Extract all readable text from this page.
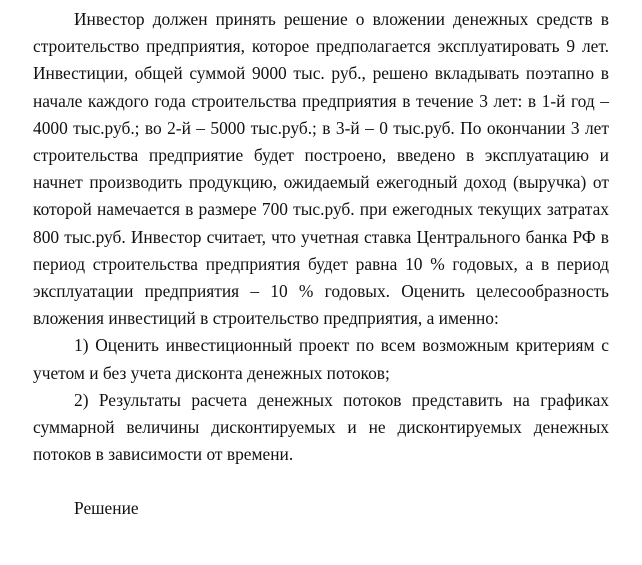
Инвестор должен принять решение о вложении денежных средств в строительство предприятия, которое предполагается эксплуатировать 9 лет. Инвестиции, общей суммой 9000 тыс. руб., решено вкладывать поэтапно в начале каждого года строительства предприятия в течение 3 лет: в 1-й год – 4000 тыс.руб.; во 2-й – 5000 тыс.руб.; в 3-й – 0 тыс.руб. По окончании 3 лет строительства предприятие будет построено, введено в эксплуатацию и начнет производить продукцию, ожидаемый ежегодный доход (выручка) от которой намечается в размере 700 тыс.руб. при ежегодных текущих затратах 800 тыс.руб. Инвестор считает, что учетная ставка Центрального банка РФ в период строительства предприятия будет равна 10 % годовых, а в период эксплуатации предприятия – 10 % годовых. Оценить целесообразность вложения инвестиций в строительство предприятия, а именно:

1) Оценить инвестиционный проект по всем возможным критериям с учетом и без учета дисконта денежных потоков;

2) Результаты расчета денежных потоков представить на графиках суммарной величины дисконтируемых и не дисконтируемых денежных потоков в зависимости от времени.

Решение
